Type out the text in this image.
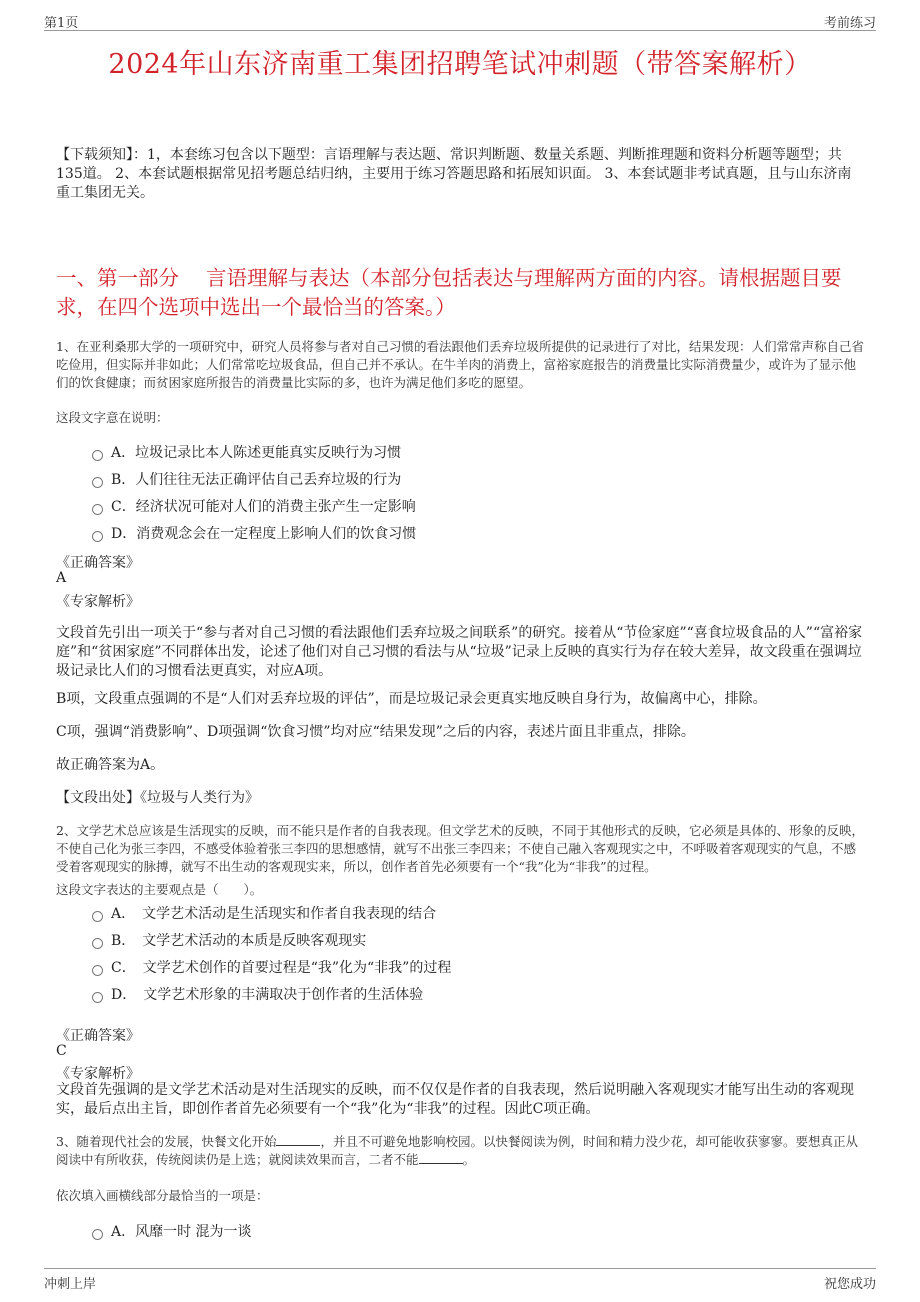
第1页	考前练习
2024年山东济南重工集团招聘笔试冲刺题（带答案解析）
【下载须知】：1，本套练习包含以下题型：言语理解与表达题、常识判断题、数量关系题、判断推理题和资料分析题等题型；共135道。 2、本套试题根据常见招考题总结归纳，主要用于练习答题思路和拓展知识面。 3、本套试题非考试真题，且与山东济南重工集团无关。
一、第一部分　 言语理解与表达（本部分包括表达与理解两方面的内容。请根据题目要求，在四个选项中选出一个最恰当的答案。）
1、在亚利桑那大学的一项研究中，研究人员将参与者对自己习惯的看法跟他们丢弃垃圾所提供的记录进行了对比，结果发现：人们常常声称自己省吃俭用，但实际并非如此；人们常常吃垃圾食品，但自己并不承认。在牛羊肉的消费上，富裕家庭报告的消费量比实际消费量少，或许为了显示他们的饮食健康；而贫困家庭所报告的消费量比实际的多，也许为满足他们多吃的愿望。
这段文字意在说明：
A．垃圾记录比本人陈述更能真实反映行为习惯
B．人们往往无法正确评估自己丢弃垃圾的行为
C．经济状况可能对人们的消费主张产生一定影响
D．消费观念会在一定程度上影响人们的饮食习惯
《正确答案》
A
《专家解析》
文段首先引出一项关于“参与者对自己习惯的看法跟他们丢弃垃圾之间联系”的研究。接着从“节俭家庭”“喜食垃圾食品的人”“富裕家庭”和“贫困家庭”不同群体出发，论述了他们对自己习惯的看法与从“垃圾”记录上反映的真实行为存在较大差异，故文段重在强调垃圾记录比人们的习惯看法更真实，对应A项。
B项，文段重点强调的不是“人们对丢弃垃圾的评估”，而是垃圾记录会更真实地反映自身行为，故偏离中心，排除。
C项，强调“消费影响”、D项强调“饮食习惯”均对应“结果发现”之后的内容，表述片面且非重点，排除。
故正确答案为A。
【文段出处】《垃圾与人类行为》
2、文学艺术总应该是生活现实的反映，而不能只是作者的自我表现。但文学艺术的反映，不同于其他形式的反映，它必须是具体的、形象的反映，不使自己化为张三李四，不感受体验着张三李四的思想感情，就写不出张三李四来；不使自己融入客观现实之中，不呼吸着客观现实的气息，不感受着客观现实的脉搏，就写不出生动的客观现实来，所以，创作者首先必须要有一个“我”化为“非我”的过程。
这段文字表达的主要观点是（　　）。
A．　文学艺术活动是生活现实和作者自我表现的结合
B．　文学艺术活动的本质是反映客观现实
C．　文学艺术创作的首要过程是“我”化为“非我”的过程
D．　文学艺术形象的丰满取决于创作者的生活体验
《正确答案》
C
《专家解析》
文段首先强调的是文学艺术活动是对生活现实的反映，而不仅仅是作者的自我表现，然后说明融入客观现实才能写出生动的客观现实，最后点出主旨，即创作者首先必须要有一个“我”化为“非我”的过程。因此C项正确。
3、随着现代社会的发展，快餐文化开始	，并且不可避免地影响校园。以快餐阅读为例，时间和精力没少花，却可能收获寥寥。要想真正从阅读中有所收获，传统阅读仍是上选；就阅读效果而言，二者不能	。
依次填入画横线部分最恰当的一项是：
A．风靡一时 混为一谈
冲刺上岸	祝您成功
